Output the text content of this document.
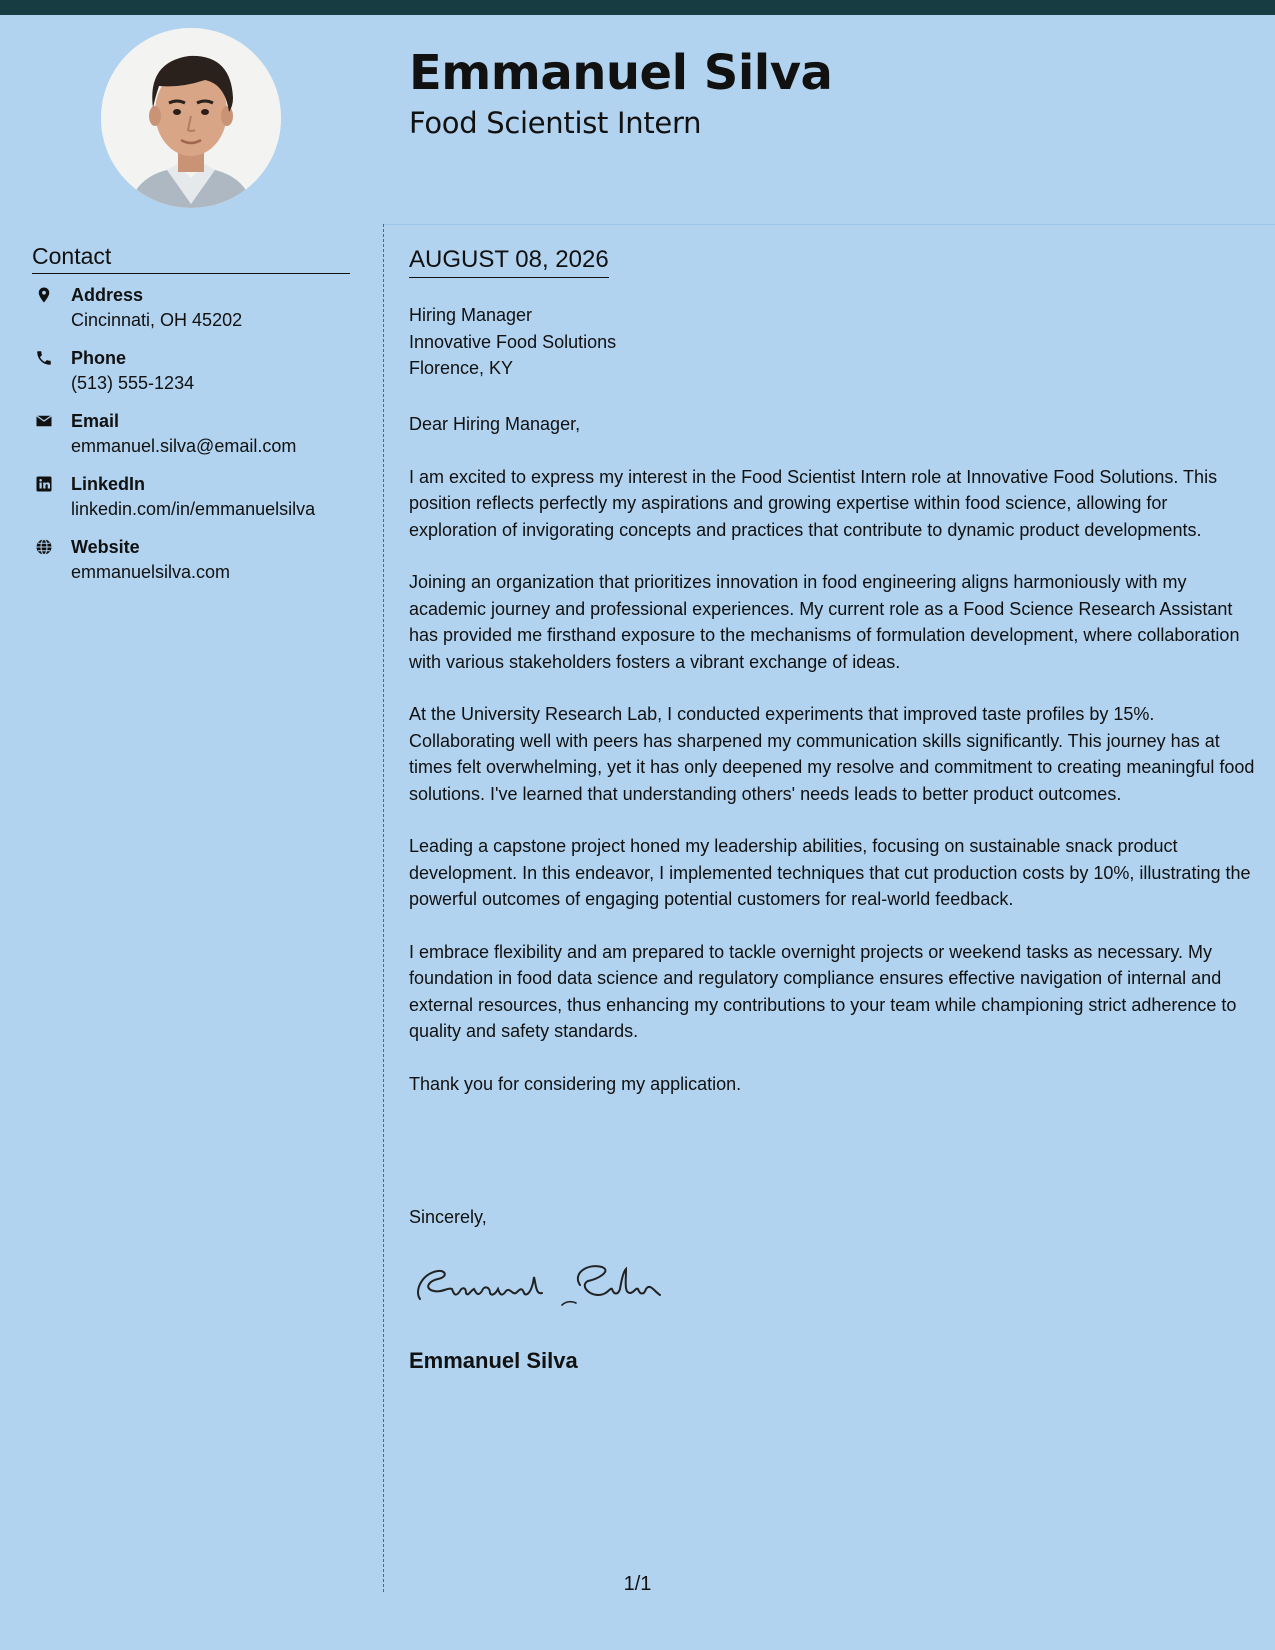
Emmanuel Silva
Food Scientist Intern
Contact
Address
Cincinnati, OH 45202
Phone
(513) 555-1234
Email
emmanuel.silva@email.com
LinkedIn
linkedin.com/in/emmanuelsilva
Website
emmanuelsilva.com
AUGUST 08, 2026
Hiring Manager
Innovative Food Solutions
Florence, KY

Dear Hiring Manager,

I am excited to express my interest in the Food Scientist Intern role at Innovative Food Solutions. This position reflects perfectly my aspirations and growing expertise within food science, allowing for exploration of invigorating concepts and practices that contribute to dynamic product developments.

Joining an organization that prioritizes innovation in food engineering aligns harmoniously with my academic journey and professional experiences. My current role as a Food Science Research Assistant has provided me firsthand exposure to the mechanisms of formulation development, where collaboration with various stakeholders fosters a vibrant exchange of ideas.

At the University Research Lab, I conducted experiments that improved taste profiles by 15%. Collaborating well with peers has sharpened my communication skills significantly. This journey has at times felt overwhelming, yet it has only deepened my resolve and commitment to creating meaningful food solutions. I've learned that understanding others' needs leads to better product outcomes.

Leading a capstone project honed my leadership abilities, focusing on sustainable snack product development. In this endeavor, I implemented techniques that cut production costs by 10%, illustrating the powerful outcomes of engaging potential customers for real-world feedback.

I embrace flexibility and am prepared to tackle overnight projects or weekend tasks as necessary. My foundation in food data science and regulatory compliance ensures effective navigation of internal and external resources, thus enhancing my contributions to your team while championing strict adherence to quality and safety standards.

Thank you for considering my application.

Sincerely,
Emmanuel Silva
1/1
